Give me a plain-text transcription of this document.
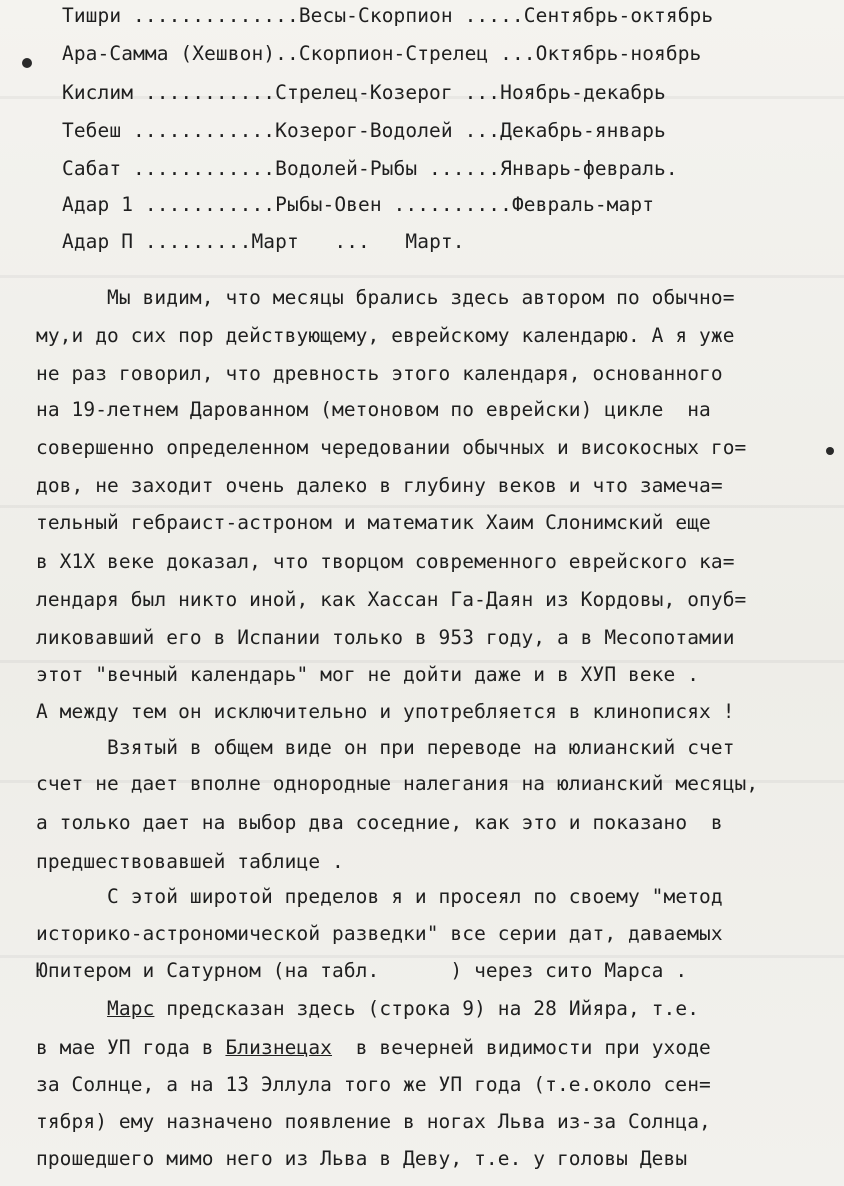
Тишри ..............Весы-Скорпион .....Сентябрь-октябрь
Ара-Самма (Хешвон)..Скорпион-Стрелец ...Октябрь-ноябрь
Кислим ...........Стрелец-Козерог ...Ноябрь-декабрь
Тебеш ............Козерог-Водолей ...Декабрь-январь
Сабат ............Водолей-Рыбы ......Январь-февраль.
Адар 1 ...........Рыбы-Овен ..........Февраль-март
Адар П .........Март   ...   Март.
Мы видим, что месяцы брались здесь автором по обычно=
му,и до сих пор действующему, еврейскому календарю. А я уже
не раз говорил, что древность этого календаря, основанного
на 19-летнем Дарованном (метоновом по еврейски) цикле  на
совершенно определенном чередовании обычных и високосных го=
дов, не заходит очень далеко в глубину веков и что замеча=
тельный гебраист-астроном и математик Хаим Слонимский еще
в Х1Х веке доказал, что творцом современного еврейского ка=
лендаря был никто иной, как Хассан Га-Даян из Кордовы, опуб=
ликовавший его в Испании только в 953 году, а в Месопотамии
этот "вечный календарь" мог не дойти даже и в ХУП веке .
А между тем он исключительно и употребляется в клинописях !
Взятый в общем виде он при переводе на юлианский счет
счет не дает вполне однородные налегания на юлианский месяцы,
а только дает на выбор два соседние, как это и показано  в
предшествовавшей таблице .
С этой широтой пределов я и просеял по своему "метод
историко-астрономической разведки" все серии дат, даваемых
Юпитером и Сатурном (на табл.      ) через сито Марса .
Марс предсказан здесь (строка 9) на 28 Ийяра, т.е.
в мае УП года в Близнецах  в вечерней видимости при уходе
за Солнце, а на 13 Эллула того же УП года (т.е.около сен=
тября) ему назначено появление в ногах Льва из-за Солнца,
прошедшего мимо него из Льва в Деву, т.е. у головы Девы
